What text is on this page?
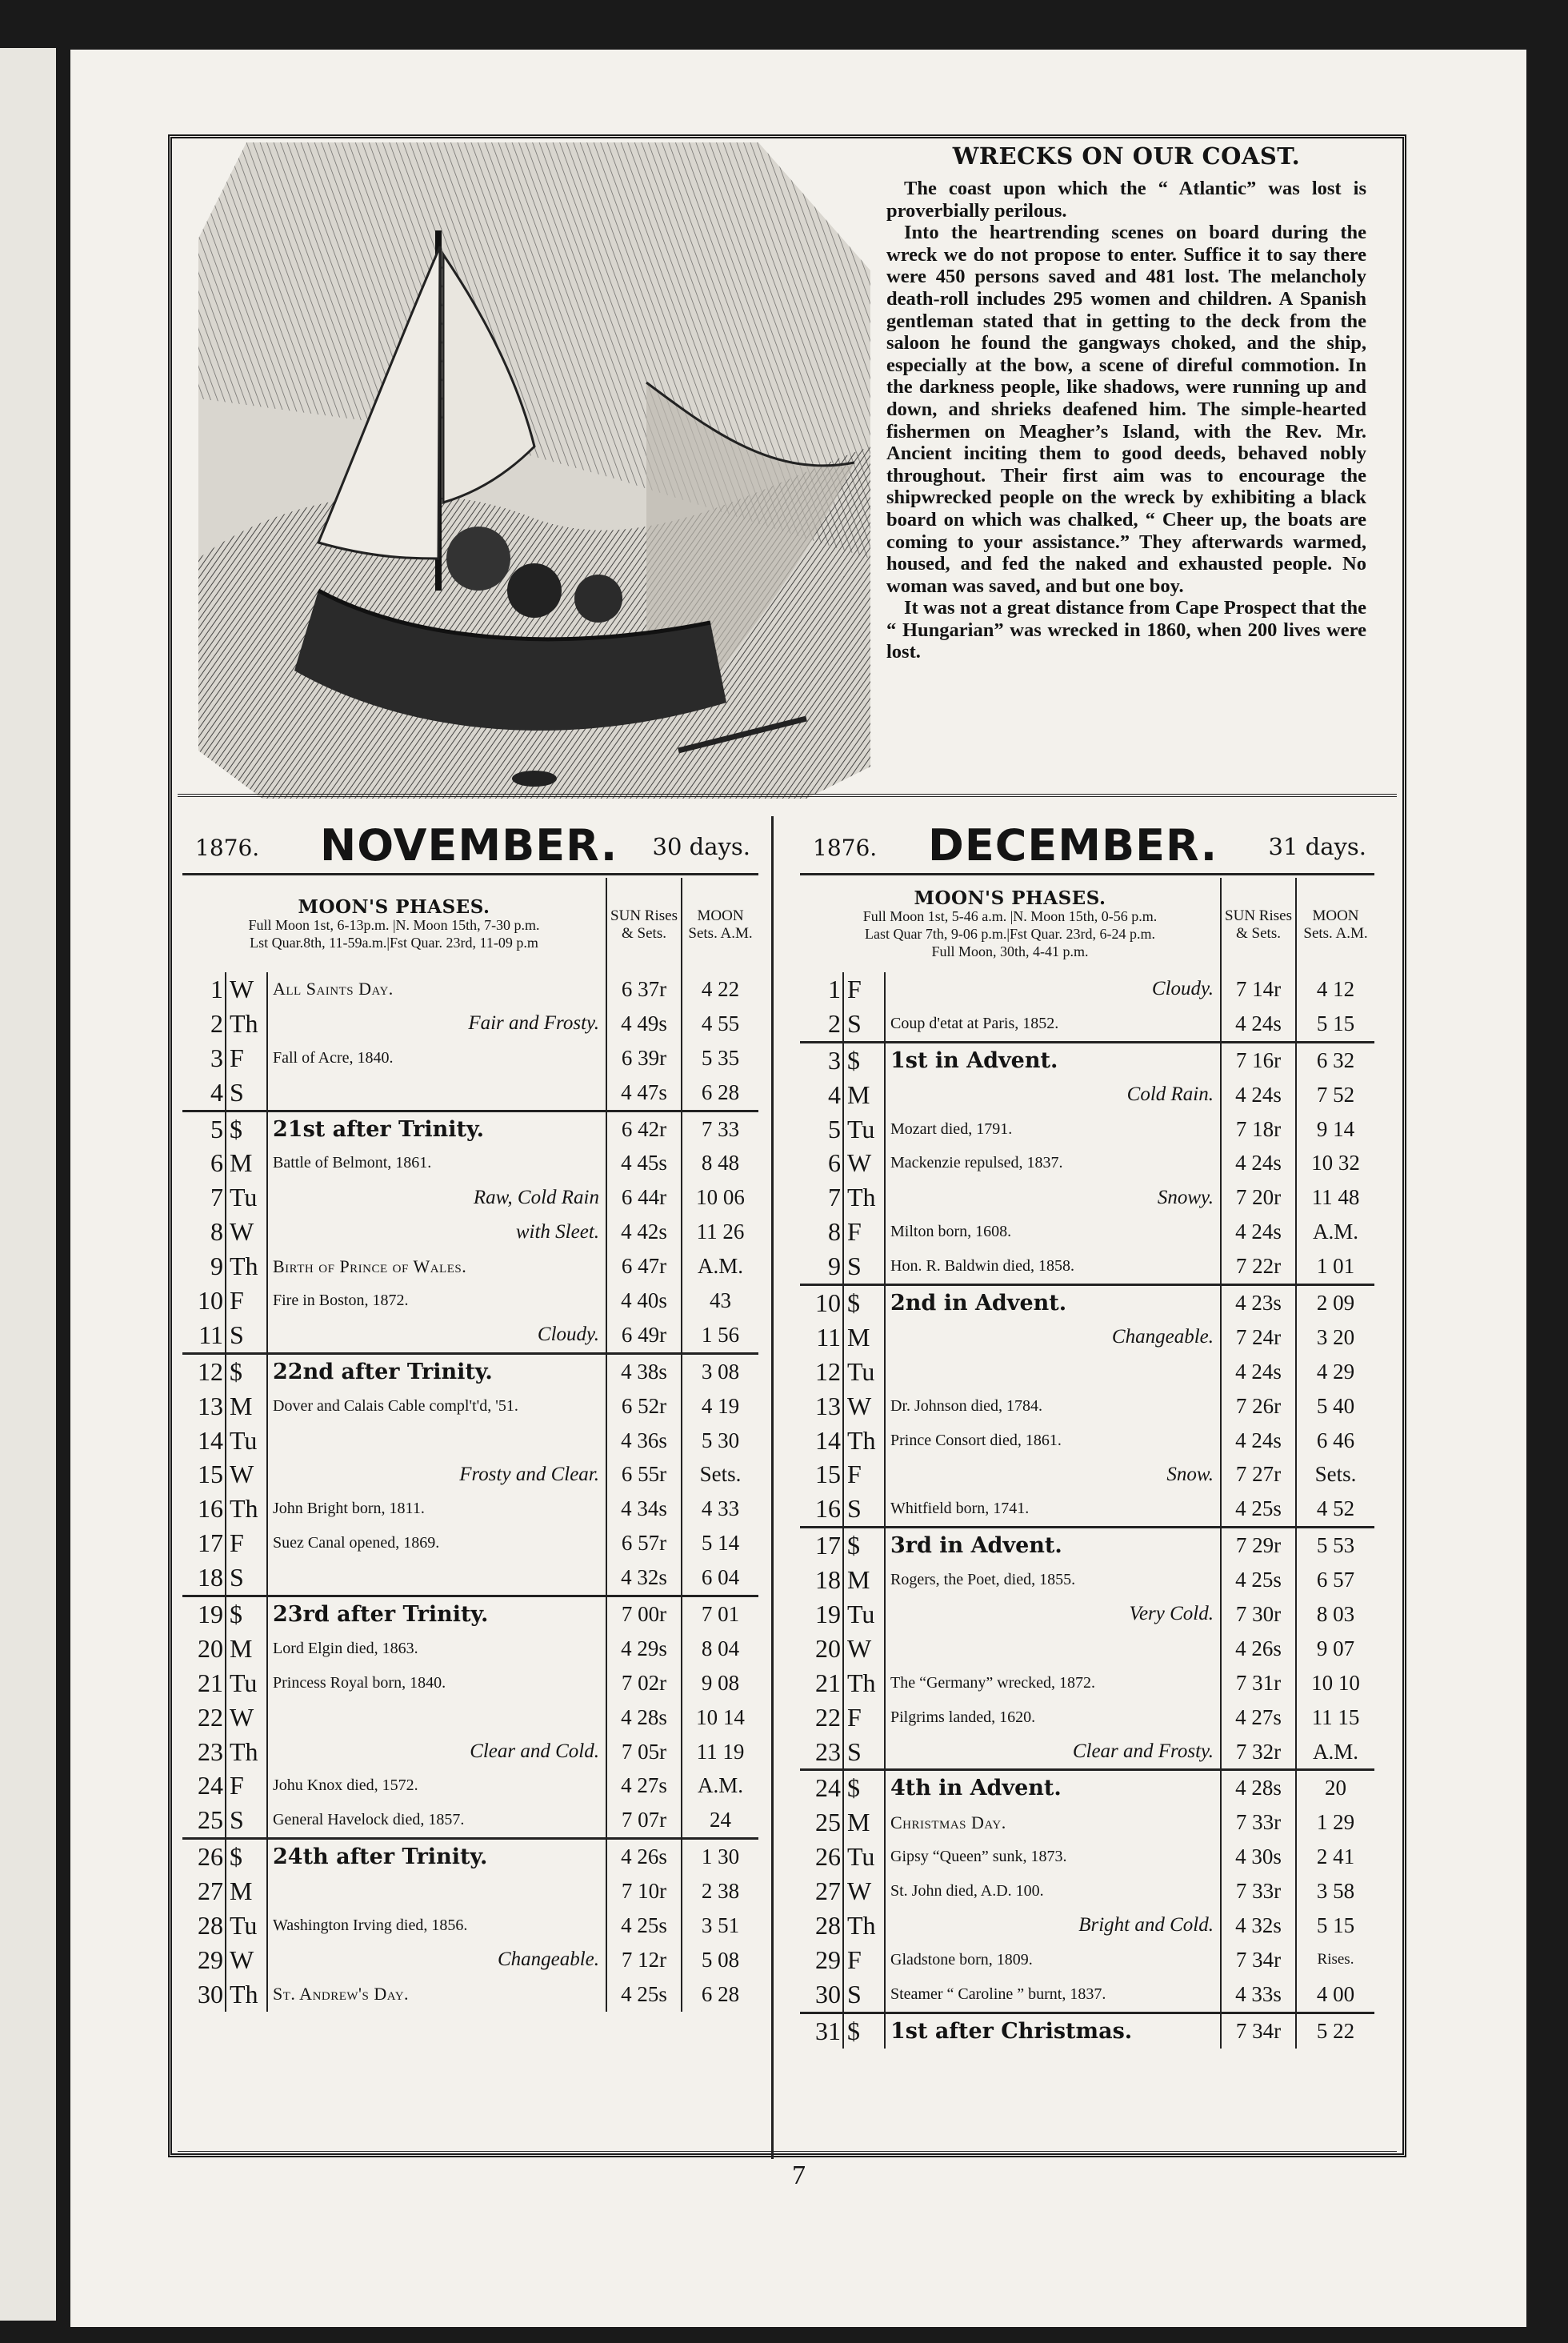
WRECKS ON OUR COAST.

The coast upon which the “ Atlantic” was lost is proverbially perilous.

Into the heartrending scenes on board during the wreck we do not propose to enter. Suffice it to say there were 450 persons saved and 481 lost. The melancholy death-roll includes 295 women and children. A Spanish gentleman stated that in getting to the deck from the saloon he found the gangways choked, and the ship, especially at the bow, a scene of direful commotion. In the darkness people, like shadows, were running up and down, and shrieks deafened him. The simple-hearted fishermen on Meagher’s Island, with the Rev. Mr. Ancient inciting them to good deeds, behaved nobly throughout. Their first aim was to encourage the shipwrecked people on the wreck by exhibiting a black board on which was chalked, “ Cheer up, the boats are coming to your assistance.” They afterwards warmed, housed, and fed the naked and exhausted people. No woman was saved, and but one boy.

It was not a great distance from Cape Prospect that the “ Hungarian” was wrecked in 1860, when 200 lives were lost.

1876. NOVEMBER. 30 days.
MOON'S PHASES.
Full Moon 1st, 6-13p.m. |N. Moon 15th, 7-30 p.m.
Lst Quar.8th, 11-59a.m.|Fst Quar. 23rd, 11-09 p.m			SUN Rises & Sets.	MOON Sets. A.M.
1	W	All Saints Day.	6 37r	4 22
2	Th	Fair and Frosty.	4 49s	4 55
3	F	Fall of Acre, 1840.	6 39r	5 35
4	S		4 47s	6 28
5	$	21st after Trinity.	6 42r	7 33
6	M	Battle of Belmont, 1861.	4 45s	8 48
7	Tu	Raw, Cold Rain	6 44r	10 06
8	W	with Sleet.	4 42s	11 26
9	Th	Birth of Prince of Wales.	6 47r	A.M.
10	F	Fire in Boston, 1872.	4 40s	43
11	S	Cloudy.	6 49r	1 56
12	$	22nd after Trinity.	4 38s	3 08
13	M	Dover and Calais Cable compl't'd, '51.	6 52r	4 19
14	Tu		4 36s	5 30
15	W	Frosty and Clear.	6 55r	Sets.
16	Th	John Bright born, 1811.	4 34s	4 33
17	F	Suez Canal opened, 1869.	6 57r	5 14
18	S		4 32s	6 04
19	$	23rd after Trinity.	7 00r	7 01
20	M	Lord Elgin died, 1863.	4 29s	8 04
21	Tu	Princess Royal born, 1840.	7 02r	9 08
22	W		4 28s	10 14
23	Th	Clear and Cold.	7 05r	11 19
24	F	Johu Knox died, 1572.	4 27s	A.M.
25	S	General Havelock died, 1857.	7 07r	24
26	$	24th after Trinity.	4 26s	1 30
27	M		7 10r	2 38
28	Tu	Washington Irving died, 1856.	4 25s	3 51
29	W	Changeable.	7 12r	5 08
30	Th	St. Andrew's Day.	4 25s	6 28
1876. DECEMBER. 31 days.
MOON'S PHASES.
Full Moon 1st, 5-46 a.m. |N. Moon 15th, 0-56 p.m.
Last Quar 7th, 9-06 p.m.|Fst Quar. 23rd, 6-24 p.m.
Full Moon, 30th, 4-41 p.m.			SUN Rises & Sets.	MOON Sets. A.M.
1	F	Cloudy.	7 14r	4 12
2	S	Coup d'etat at Paris, 1852.	4 24s	5 15
3	$	1st in Advent.	7 16r	6 32
4	M	Cold Rain.	4 24s	7 52
5	Tu	Mozart died, 1791.	7 18r	9 14
6	W	Mackenzie repulsed, 1837.	4 24s	10 32
7	Th	Snowy.	7 20r	11 48
8	F	Milton born, 1608.	4 24s	A.M.
9	S	Hon. R. Baldwin died, 1858.	7 22r	1 01
10	$	2nd in Advent.	4 23s	2 09
11	M	Changeable.	7 24r	3 20
12	Tu		4 24s	4 29
13	W	Dr. Johnson died, 1784.	7 26r	5 40
14	Th	Prince Consort died, 1861.	4 24s	6 46
15	F	Snow.	7 27r	Sets.
16	S	Whitfield born, 1741.	4 25s	4 52
17	$	3rd in Advent.	7 29r	5 53
18	M	Rogers, the Poet, died, 1855.	4 25s	6 57
19	Tu	Very Cold.	7 30r	8 03
20	W		4 26s	9 07
21	Th	The “Germany” wrecked, 1872.	7 31r	10 10
22	F	Pilgrims landed, 1620.	4 27s	11 15
23	S	Clear and Frosty.	7 32r	A.M.
24	$	4th in Advent.	4 28s	20
25	M	Christmas Day.	7 33r	1 29
26	Tu	Gipsy “Queen” sunk, 1873.	4 30s	2 41
27	W	St. John died, A.D. 100.	7 33r	3 58
28	Th	Bright and Cold.	4 32s	5 15
29	F	Gladstone born, 1809.	7 34r	Rises.
30	S	Steamer “ Caroline ” burnt, 1837.	4 33s	4 00
31	$	1st after Christmas.	7 34r	5 22
7
